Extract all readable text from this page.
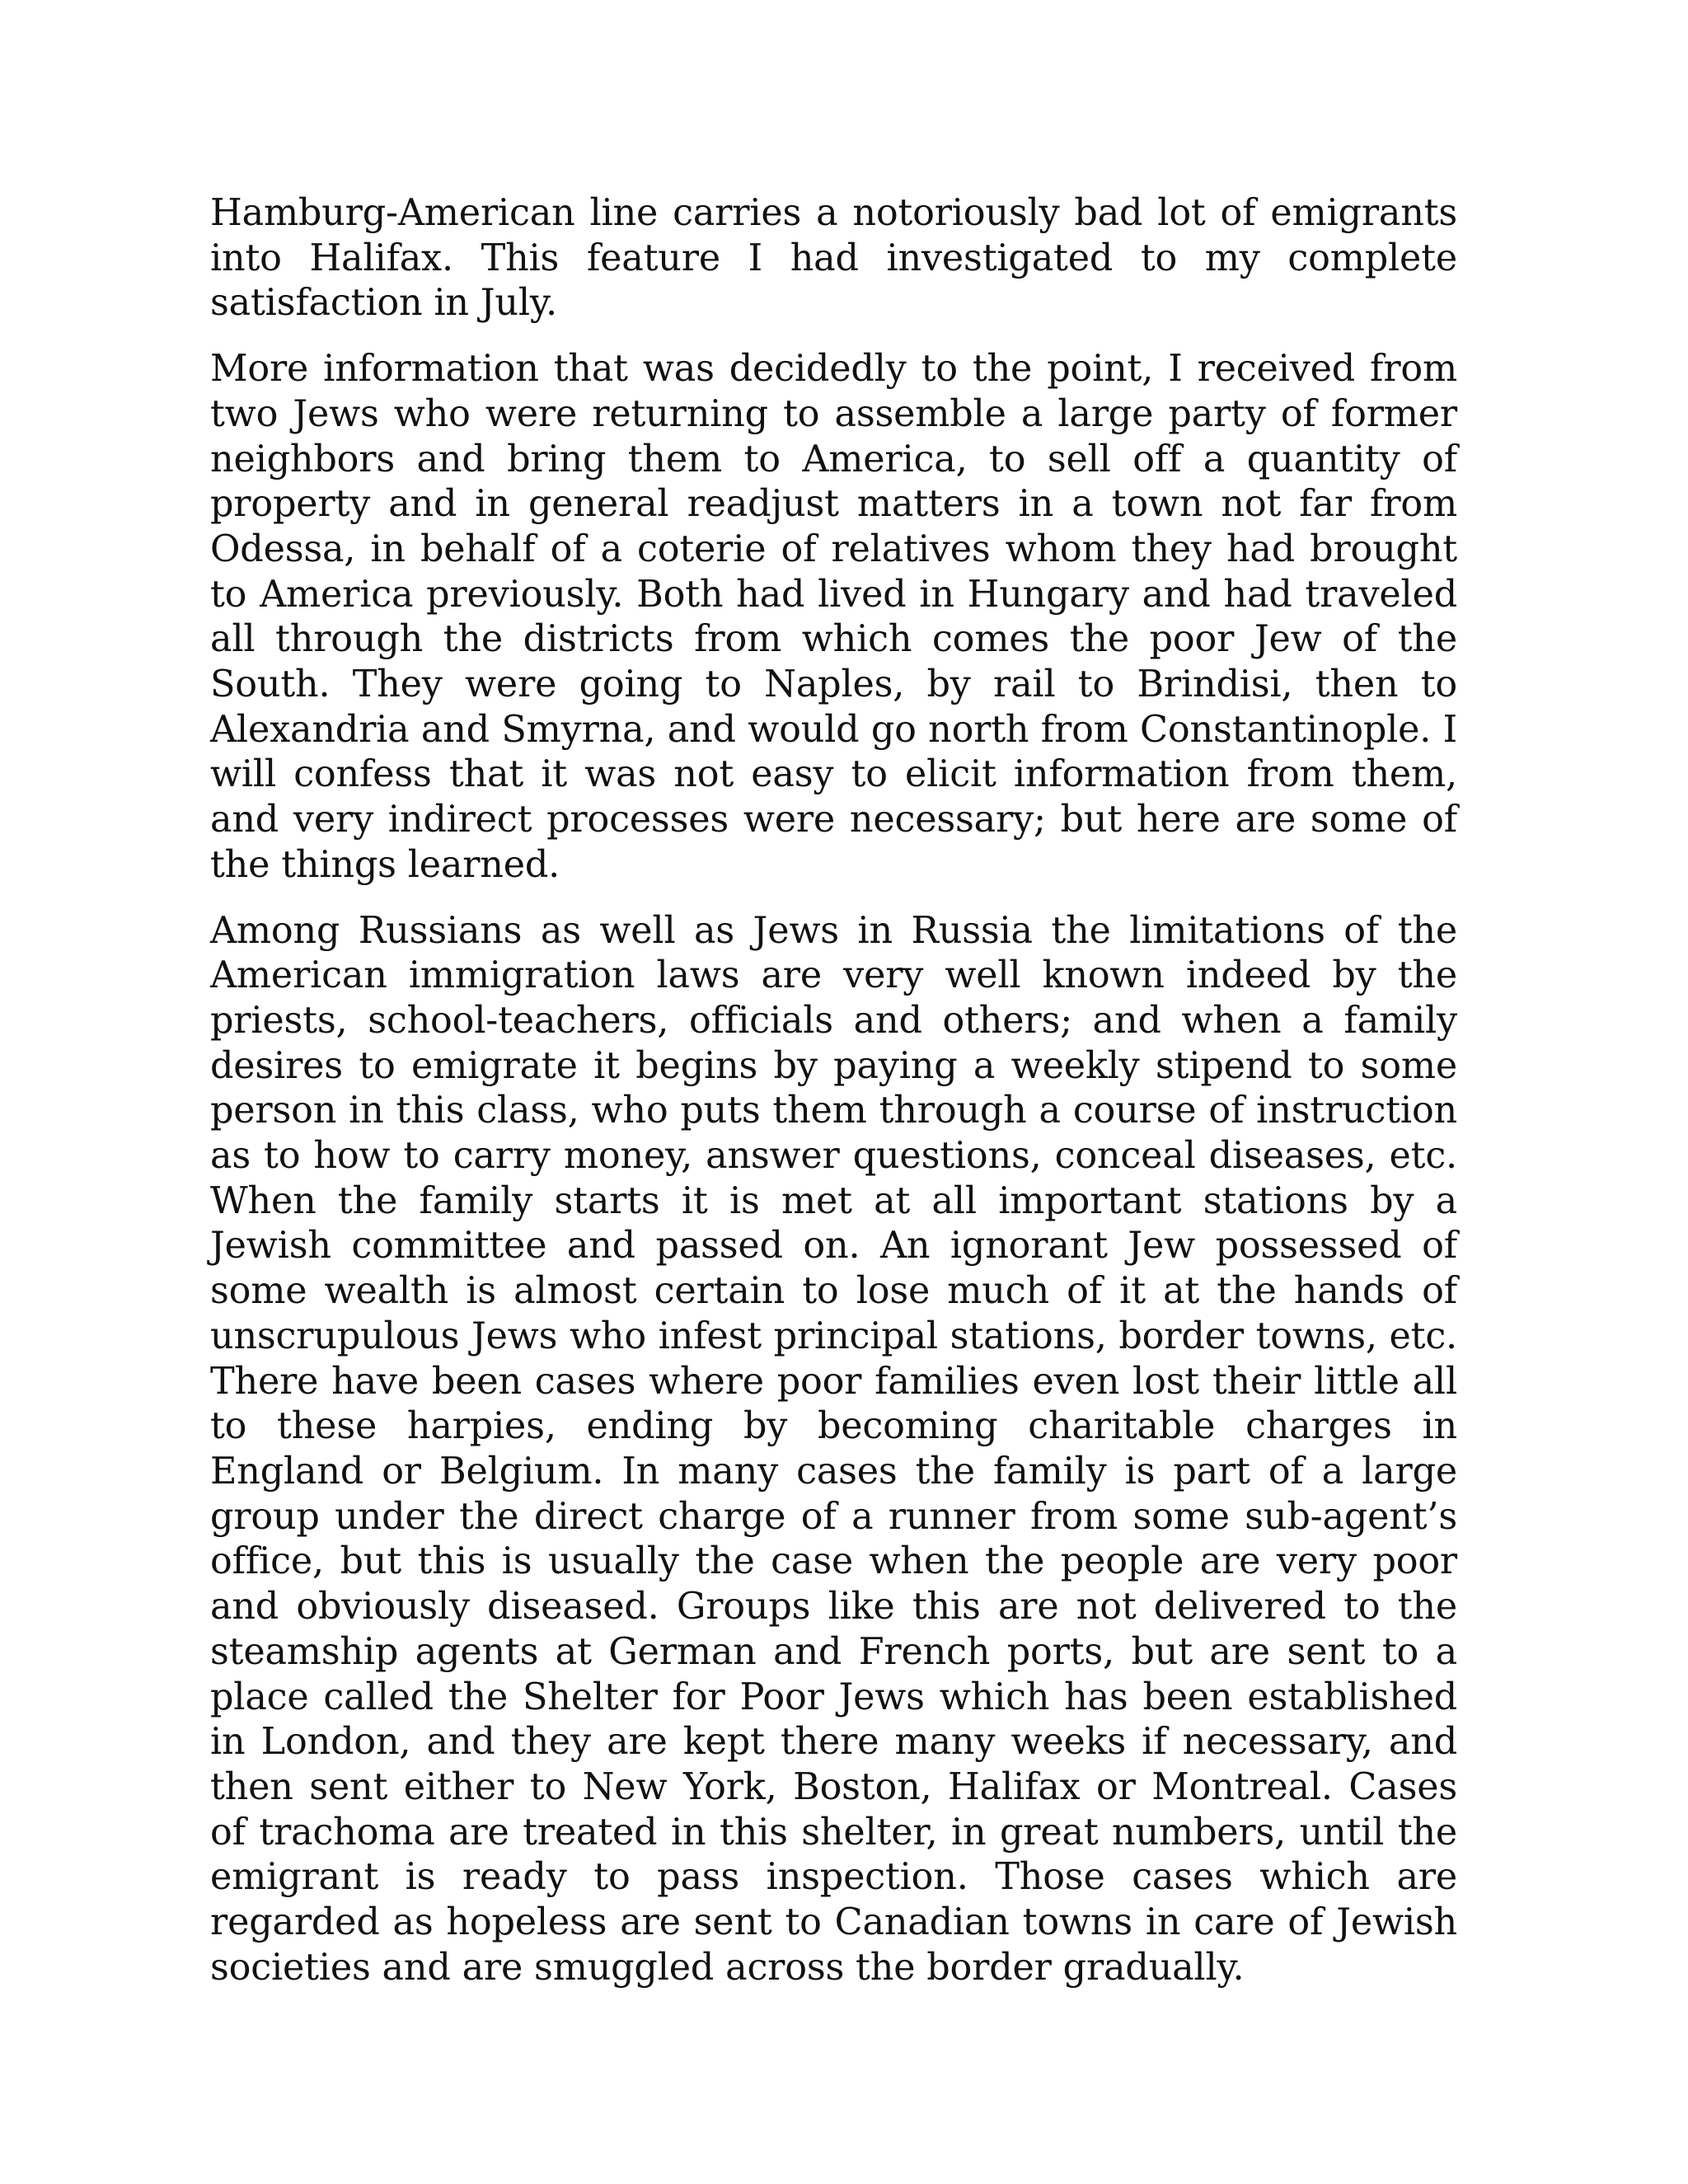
Hamburg-American line carries a notoriously bad lot of emigrants into Halifax. This feature I had investigated to my complete satisfaction in July.

More information that was decidedly to the point, I received from two Jews who were returning to assemble a large party of former neighbors and bring them to America, to sell off a quantity of property and in general readjust matters in a town not far from Odessa, in behalf of a coterie of relatives whom they had brought to America previously. Both had lived in Hungary and had traveled all through the districts from which comes the poor Jew of the South. They were going to Naples, by rail to Brindisi, then to Alexandria and Smyrna, and would go north from Constantinople. I will confess that it was not easy to elicit information from them, and very indirect processes were necessary; but here are some of the things learned.

Among Russians as well as Jews in Russia the limitations of the American immigration laws are very well known indeed by the priests, school-teachers, officials and others; and when a family desires to emigrate it begins by paying a weekly stipend to some person in this class, who puts them through a course of instruction as to how to carry money, answer questions, conceal diseases, etc. When the family starts it is met at all important stations by a Jewish committee and passed on. An ignorant Jew possessed of some wealth is almost certain to lose much of it at the hands of unscrupulous Jews who infest principal stations, border towns, etc. There have been cases where poor families even lost their little all to these harpies, ending by becoming charitable charges in England or Belgium. In many cases the family is part of a large group under the direct charge of a runner from some sub-agent’s office, but this is usually the case when the people are very poor and obviously diseased. Groups like this are not delivered to the steamship agents at German and French ports, but are sent to a place called the Shelter for Poor Jews which has been established in London, and they are kept there many weeks if necessary, and then sent either to New York, Boston, Halifax or Montreal. Cases of trachoma are treated in this shelter, in great numbers, until the emigrant is ready to pass inspection. Those cases which are regarded as hopeless are sent to Canadian towns in care of Jewish societies and are smuggled across the border gradually.
